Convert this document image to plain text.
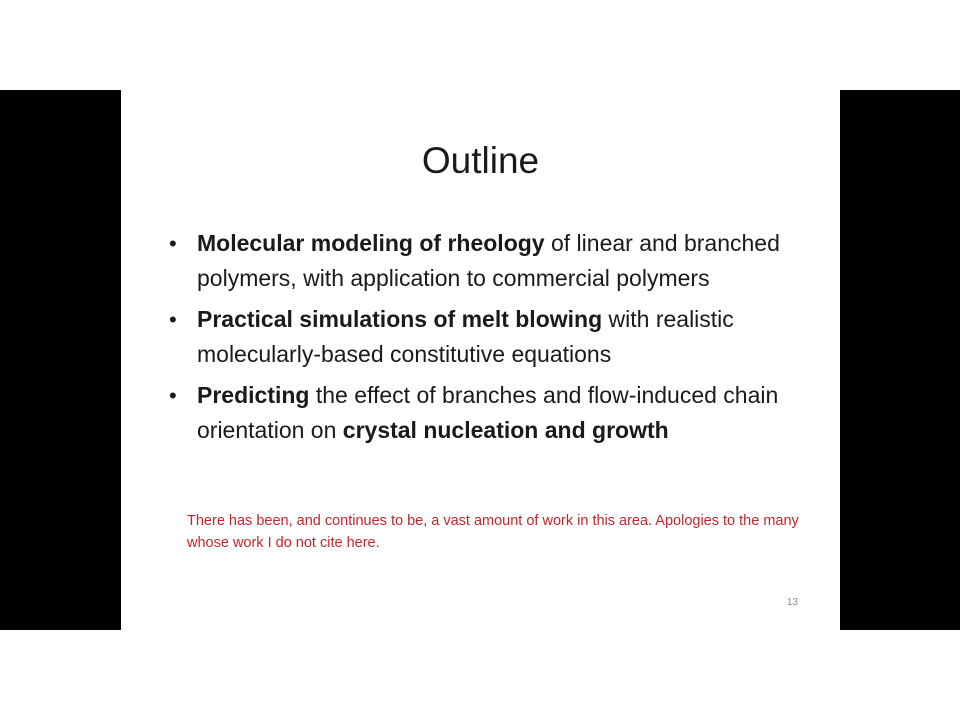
Outline
• Molecular modeling of rheology of linear and branched polymers, with application to commercial polymers
• Practical simulations of melt blowing with realistic molecularly-based constitutive equations
• Predicting the effect of branches and flow-induced chain orientation on crystal nucleation and growth
There has been, and continues to be, a vast amount of work in this area. Apologies to the many whose work I do not cite here.
13
